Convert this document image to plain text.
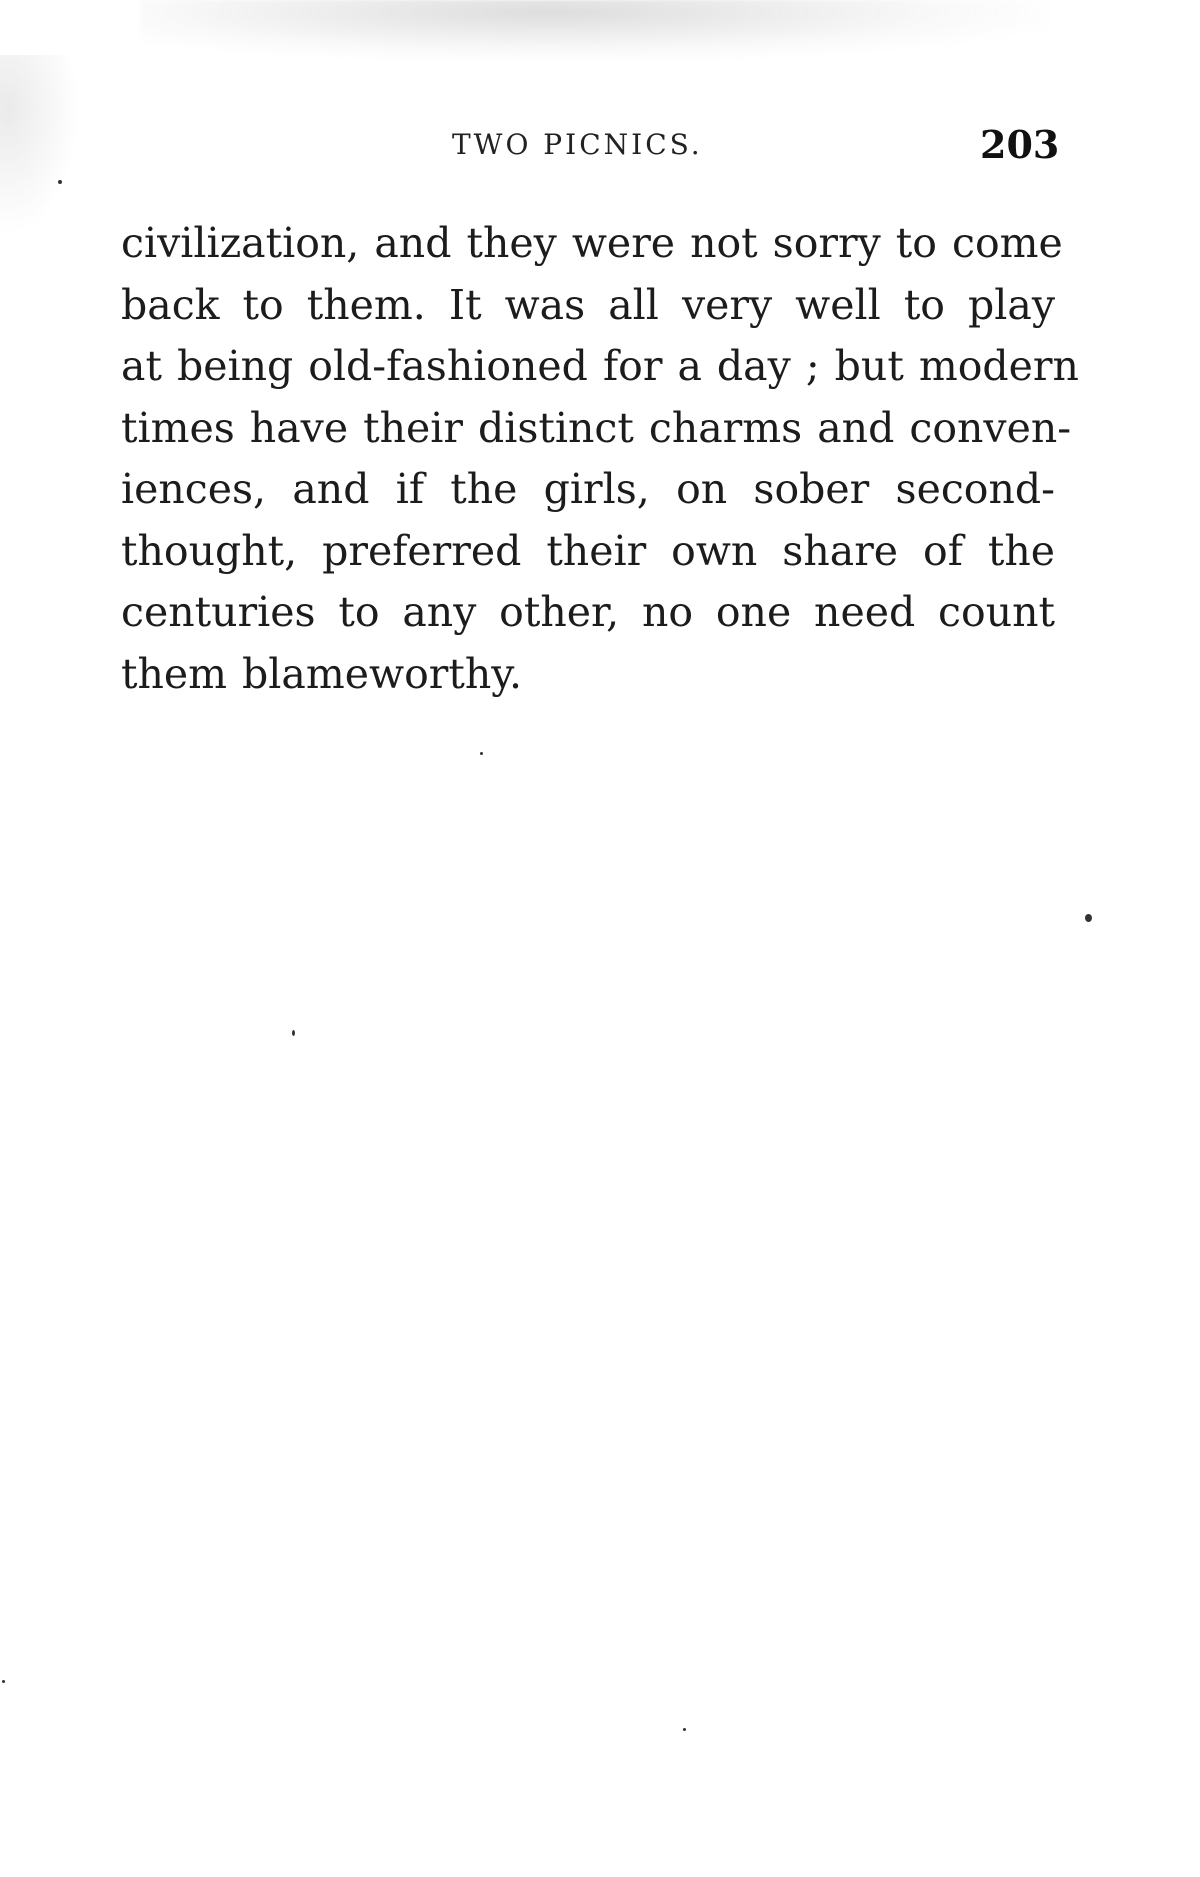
TWO PICNICS.	203
civilization, and they were not sorry to come
back to them. It was all very well to play
at being old-fashioned for a day ; but modern
times have their distinct charms and conven-
iences, and if the girls, on sober second-
thought, preferred their own share of the
centuries to any other, no one need count
them blameworthy.
